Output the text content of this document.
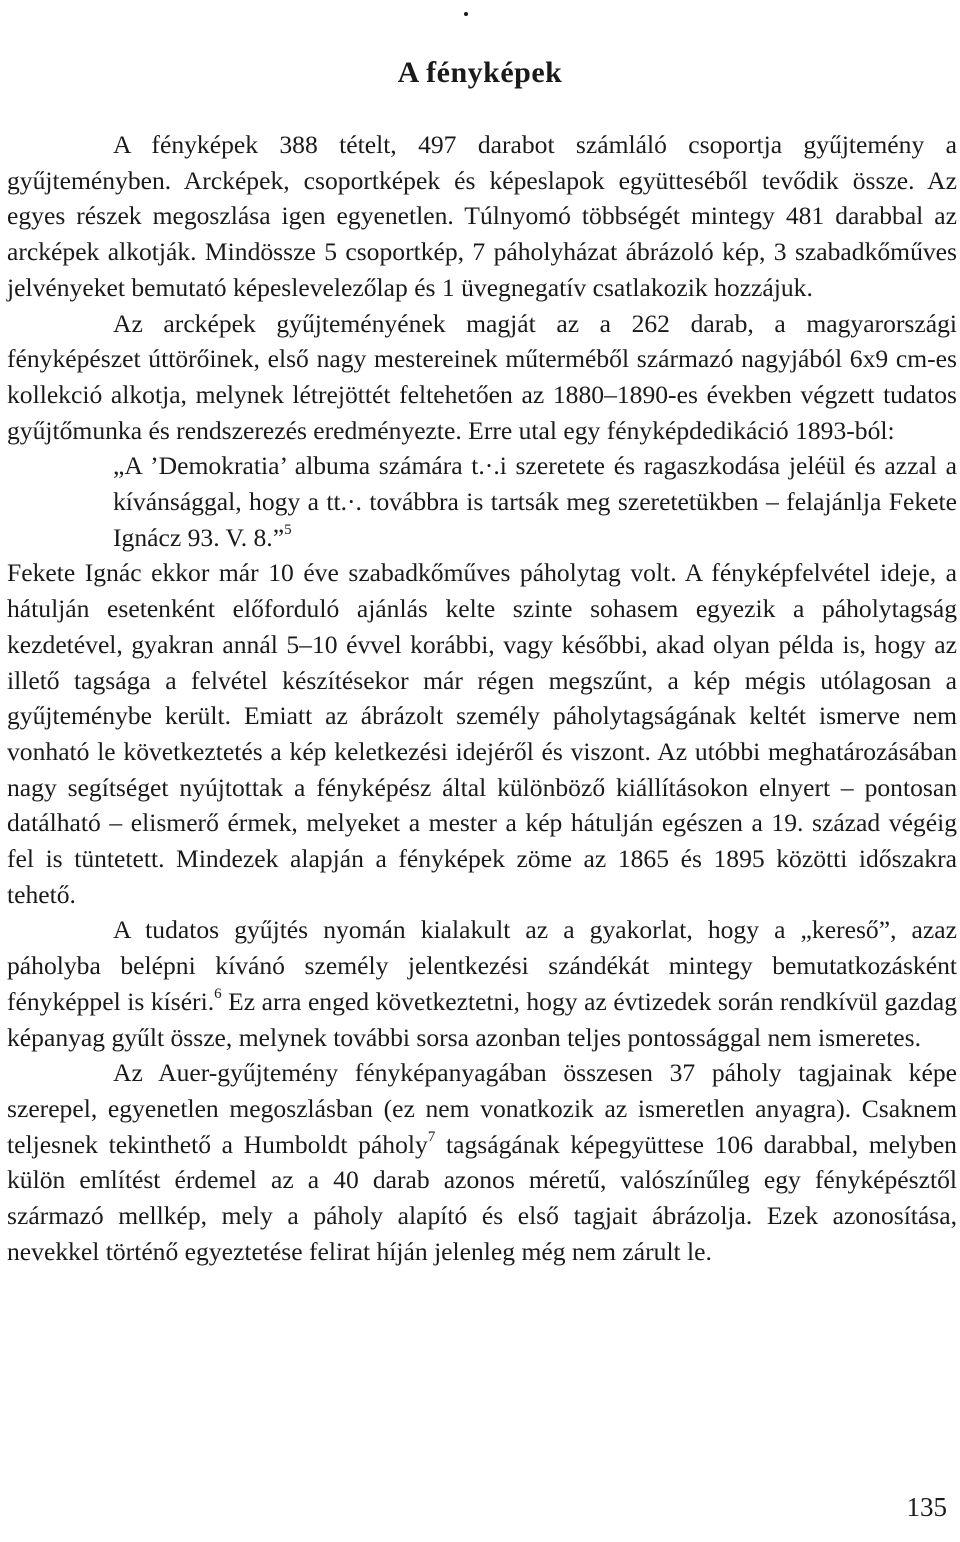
A fényképek

A fényképek 388 tételt, 497 darabot számláló csoportja gyűjtemény a gyűjteményben. Arcképek, csoportképek és képeslapok együtteséből tevődik össze. Az egyes részek megoszlása igen egyenetlen. Túlnyomó többségét mintegy 481 darabbal az arcképek alkotják. Mindössze 5 csoportkép, 7 páholyházat ábrázoló kép, 3 szabadkőműves jelvényeket bemutató képeslevelezőlap és 1 üvegnegatív csatlakozik hozzájuk.

Az arcképek gyűjteményének magját az a 262 darab, a magyarországi fényképészet úttörőinek, első nagy mestereinek műterméből származó nagyjából 6x9 cm-es kollekció alkotja, melynek létrejöttét feltehetően az 1880–1890-es években végzett tudatos gyűjtőmunka és rendszerezés eredményezte. Erre utal egy fényképdedikáció 1893-ból:

„A ’Demokratia’ albuma számára t.·.i szeretete és ragaszkodása jeléül és azzal a kívánsággal, hogy a tt.·. továbbra is tartsák meg szeretetükben – felajánlja Fekete Ignácz 93. V. 8.”$^5$

Fekete Ignác ekkor már 10 éve szabadkőműves páholytag volt. A fényképfelvétel ideje, a hátulján esetenként előforduló ajánlás kelte szinte sohasem egyezik a páholytagság kezdetével, gyakran annál 5–10 évvel korábbi, vagy későbbi, akad olyan példa is, hogy az illető tagsága a felvétel készítésekor már régen megszűnt, a kép mégis utólagosan a gyűjteménybe került. Emiatt az ábrázolt személy páholytagságának keltét ismerve nem vonható le következtetés a kép keletkezési idejéről és viszont. Az utóbbi meghatározásában nagy segítséget nyújtottak a fényképész által különböző kiállításokon elnyert – pontosan datálható – elismerő érmek, melyeket a mester a kép hátulján egészen a 19. század végéig fel is tüntetett. Mindezek alapján a fényképek zöme az 1865 és 1895 közötti időszakra tehető.

A tudatos gyűjtés nyomán kialakult az a gyakorlat, hogy a „kereső”, azaz páholyba belépni kívánó személy jelentkezési szándékát mintegy bemutatkozásként fényképpel is kíséri.$^6$ Ez arra enged következtetni, hogy az évtizedek során rendkívül gazdag képanyag gyűlt össze, melynek további sorsa azonban teljes pontossággal nem ismeretes.

Az Auer-gyűjtemény fényképanyagában összesen 37 páholy tagjainak képe szerepel, egyenetlen megoszlásban (ez nem vonatkozik az ismeretlen anyagra). Csaknem teljesnek tekinthető a Humboldt páholy$^7$ tagságának képegyüttese 106 darabbal, melyben külön említést érdemel az a 40 darab azonos méretű, valószínűleg egy fényképésztől származó mellkép, mely a páholy alapító és első tagjait ábrázolja. Ezek azonosítása, nevekkel történő egyeztetése felirat híján jelenleg még nem zárult le.

135
